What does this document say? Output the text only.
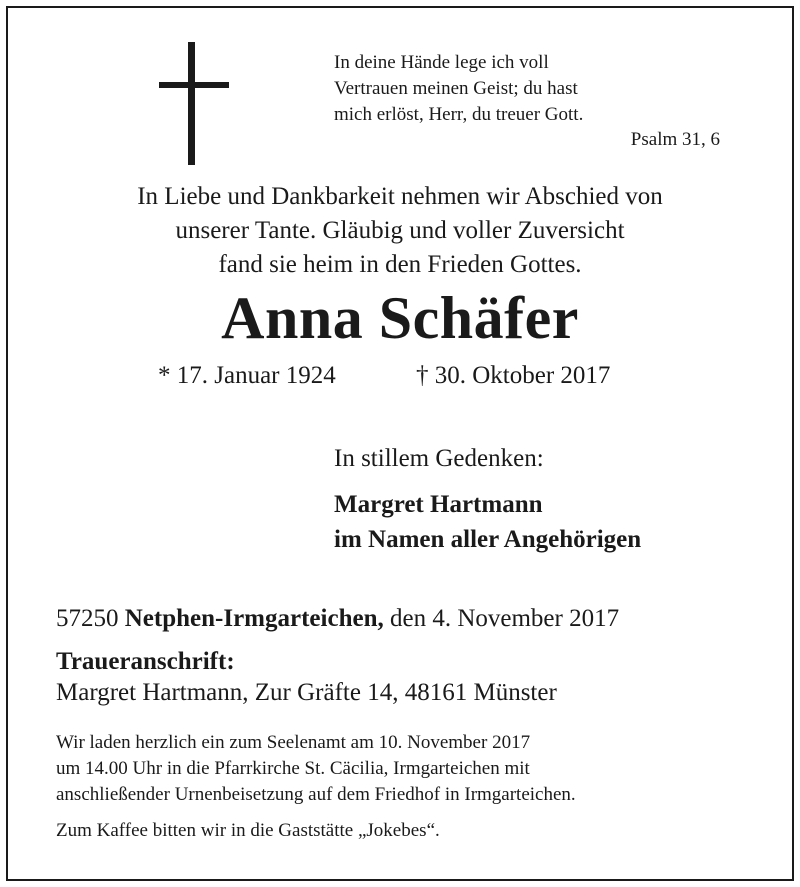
In deine Hände lege ich voll
Vertrauen meinen Geist; du hast
mich erlöst, Herr, du treuer Gott.
Psalm 31, 6
In Liebe und Dankbarkeit nehmen wir Abschied von
unserer Tante. Gläubig und voller Zuversicht
fand sie heim in den Frieden Gottes.
Anna Schäfer
* 17. Januar 1924	† 30. Oktober 2017
In stillem Gedenken:
Margret Hartmann
im Namen aller Angehörigen
57250 Netphen-Irmgarteichen, den 4. November 2017
Traueranschrift:
Margret Hartmann, Zur Gräfte 14, 48161 Münster
Wir laden herzlich ein zum Seelenamt am 10. November 2017
um 14.00 Uhr in die Pfarrkirche St. Cäcilia, Irmgarteichen mit
anschließender Urnenbeisetzung auf dem Friedhof in Irmgarteichen.
Zum Kaffee bitten wir in die Gaststätte „Jokebes“.
